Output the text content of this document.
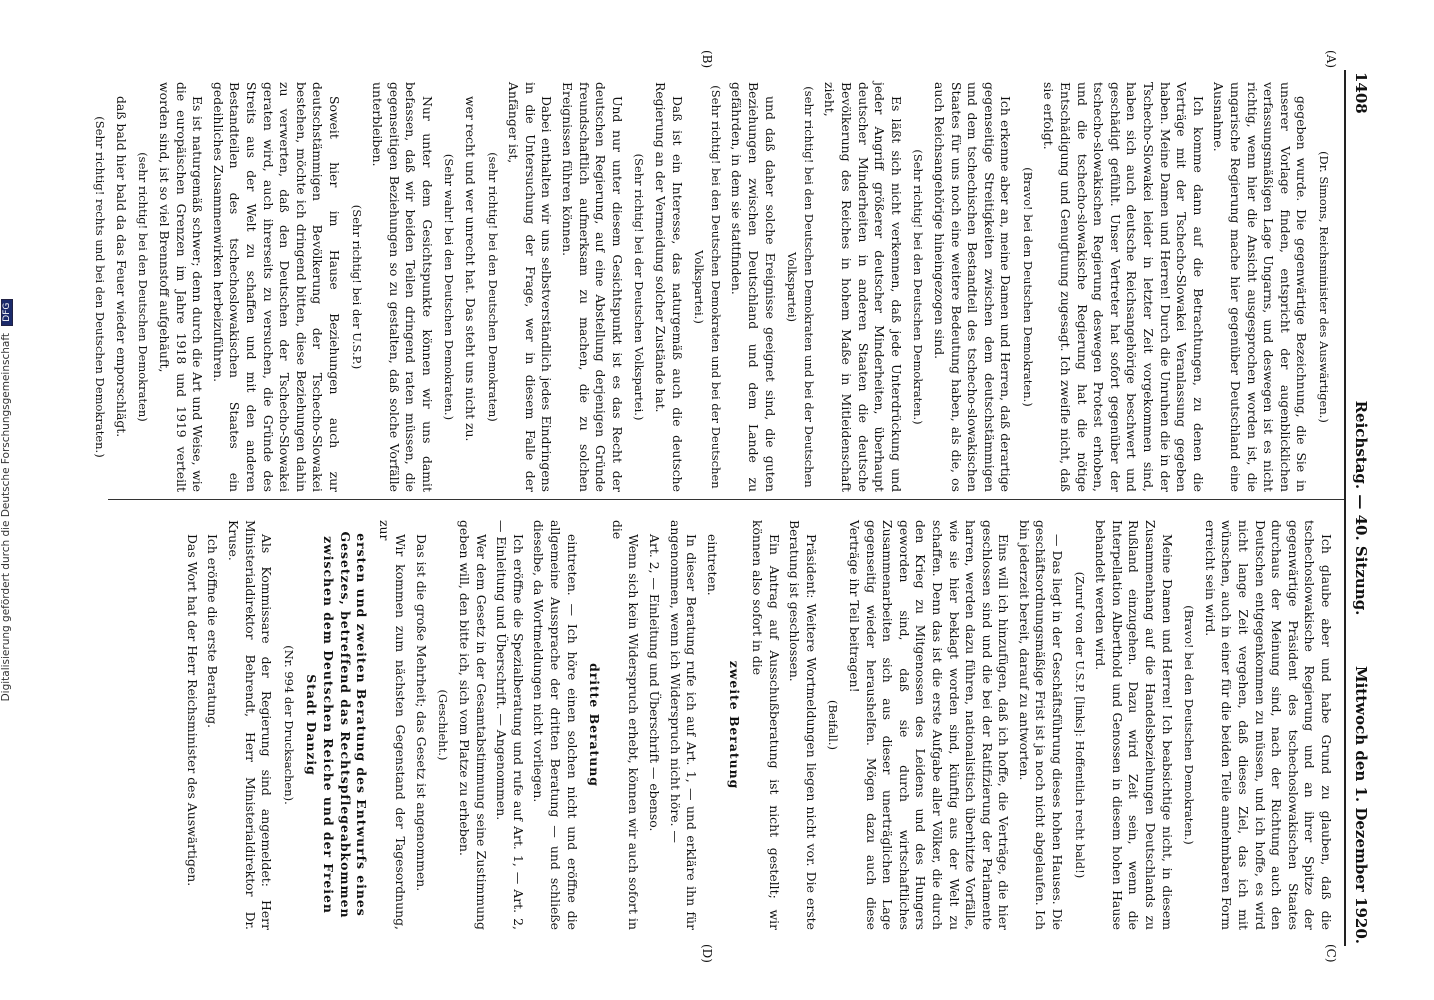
1408
Reichstag. — 40. Sitzung.
Mittwoch den 1. Dezember 1920.
(A)
(B)
(C)
(D)

(Dr. Simons, Reichsminister des Auswärtigen.)

gegeben wurde. Die gegenwärtige Bezeichnung, die Sie in unserer Vorlage finden, entspricht der augenblicklichen verfassungsmäßigen Lage Ungarns, und deswegen ist es nicht richtig, wenn hier die Ansicht ausgesprochen worden ist, die ungarische Regierung mache hier gegenüber Deutschland eine Ausnahme.

Ich komme dann auf die Betrachtungen, zu denen die Verträge mit der Tschecho-Slowakei Veranlassung gegeben haben. Meine Damen und Herren! Durch die Unruhen die in der Tschecho-Slowakei leider in letzter Zeit vorgekommen sind, haben sich auch deutsche Reichsangehörige beschwert und geschädigt gefühlt. Unser Vertreter hat sofort gegenüber der tschecho-slowakischen Regierung deswegen Protest erhoben, und die tschecho-slowakische Regierung hat die nötige Entschädigung und Genugtuung zugesagt. Ich zweifle nicht, daß sie erfolgt.

(Bravo! bei den Deutschen Demokraten.)

Ich erkenne aber an, meine Damen und Herren, daß derartige gegenseitige Streitigkeiten zwischen dem deutschstämmigen und dem tschechischen Bestandteil des tschecho-slowakischen Staates für uns noch eine weitere Bedeutung haben, als die, os auch Reichsangehörige hineingezogen sind.

(Sehr richtig! bei den Deutschen Demokraten.)

Es läßt sich nicht verkennen, daß jede Unterdrückung und jeder Angriff größerer deutscher Minderheiten, überhaupt deutscher Minderheiten in anderen Staaten die deutsche Bevölkerung des Reiches in hohem Maße in Mitleidenschaft zieht,

(sehr richtig! bei den Deutschen Demokraten und bei der Deutschen Volkspartei)

und daß daher solche Ereignisse geeignet sind, die guten Beziehungen zwischen Deutschland und dem Lande zu gefährden, in dem sie stattfinden.

(Sehr richtig! bei den Deutschen Demokraten und bei der Deutschen Volkspartei.)

Daß ist ein Interesse, das naturgemäß auch die deutsche Regierung an der Vermeidung solcher Zustände hat.

(Sehr richtig! bei der Deutschen Volkspartei.)

Und nur unter diesem Gesichtspunkt ist es das Recht der deutschen Regierung, auf eine Abstellung derjenigen Gründe freundschaftlich aufmerksam zu machen, die zu solchen Ereignissen führen können.

Dabei enthalten wir uns selbstverständlich jedes Eindringens in die Untersuchung der Frage, wer in diesem Falle der Anfänger ist,

(sehr richtig! bei den Deutschen Demokraten)

wer recht und wer unrecht hat. Das steht uns nicht zu.

(Sehr wahr! bei den Deutschen Demokraten.)

Nur unter dem Gesichtspunkte können wir uns damit befassen, daß wir beiden Teilen dringend raten müssen, die gegenseitigen Beziehungen so zu gestalten, daß solche Vorfälle unterbleiben.

(Sehr richtig! bei der U.S.P.)

Soweit hier im Hause Beziehungen auch zur deutschstämmigen Bevölkerung der Tschecho-Slowakei bestehen, möchte ich dringend bitten, diese Beziehungen dahin zu verwerten, daß den Deutschen der Tschecho-Slowakei geraten wird, auch ihrerseits zu versuchen, die Gründe des Streits aus der Welt zu schaffen und mit den anderen Bestandteilen des tschechoslowakischen Staates ein gedeihliches Zusammenwirken herbeizuführen.

Es ist naturgemäß schwer; denn durch die Art und Weise, wie die europäischen Grenzen im Jahre 1918 und 1919 verteilt worden sind, ist so viel Brennstoff aufgehäuft,

(sehr richtig! bei den Deutschen Demokraten)

daß bald hier bald da das Feuer wieder emporschlägt.

(Sehr richtig! rechts und bei den Deutschen Demokraten.)

Ich glaube aber und habe Grund zu glauben, daß die tschechoslowakische Regierung und an ihrer Spitze der gegenwärtige Präsident des tschechoslowakischen Staates durchaus der Meinung sind, nach der Richtung auch den Deutschen entgegenkommen zu müssen, und ich hoffe, es wird nicht lange Zeit vergehen, daß dieses Ziel, das ich mit wünschen, auch in einer für die beiden Teile annehmbaren Form erreicht sein wird.

(Bravo! bei den Deutschen Demokraten.)

Meine Damen und Herren! Ich beabsichtige nicht, in diesem Zusammenhang auf die Handelsbeziehungen Deutschlands zu Rußland einzugehen. Dazu wird Zeit sein, wenn die Interpellation Alberthold und Genossen in diesem hohen Hause behandelt werden wird.

(Zuruf von der U.S.P. [links]: Hoffentlich recht bald!)

— Das liegt in der Geschäftsführung dieses hohen Hauses. Die geschäftsordnungsmäßige Frist ist ja noch nicht abgelaufen. Ich bin jederzeit bereit, darauf zu antworten.

Eins will ich hinzufügen, daß ich hoffe, die Verträge, die hier geschlossen sind und die bei der Ratifizierung der Parlamente harren, werden dazu führen, nationalistisch überhitzte Vorfälle, wie sie hier beklagt worden sind, künftig aus der Welt zu schaffen. Denn das ist die erste Aufgabe aller Völker, die durch den Krieg zu Mitgenossen des Leidens und des Hungers geworden sind, daß sie durch wirtschaftliches Zusammenarbeiten sich aus dieser unerträglichen Lage gegenseitig wieder heraushelfen. Mögen dazu auch diese Verträge ihr Teil beitragen!

(Beifall.)

Präsident: Weitere Wortmeldungen liegen nicht vor. Die erste Beratung ist geschlossen.

Ein Antrag auf Ausschußberatung ist nicht gestellt; wir können also sofort in die

zweite Beratung

eintreten.

In dieser Beratung rufe ich auf Art. 1, — und erkläre ihn für angenommen, wenn ich Widerspruch nicht höre. —

Art. 2, — Einleitung und Überschrift — ebenso.

Wenn sich kein Widerspruch erhebt, können wir auch sofort in die

dritte Beratung

eintreten. — Ich höre einen solchen nicht und eröffne die allgemeine Aussprache der dritten Beratung — und schließe dieselbe, da Wortmeldungen nicht vorliegen.

Ich eröffne die Spezialberatung und rufe auf Art. 1, — Art. 2, — Einleitung und Überschrift. — Angenommen.

Wer dem Gesetz in der Gesamtabstimmung seine Zustimmung geben will, den bitte ich, sich vom Platze zu erheben.

(Geschieht.)

Das ist die große Mehrheit; das Gesetz ist angenommen.

Wir kommen zum nächsten Gegenstand der Tagesordnung, zur

ersten und zweiten Beratung des Entwurfs eines Gesetzes, betreffend das Rechtspflegeabkommen zwischen dem Deutschen Reiche und der Freien Stadt Danzig

(Nr. 994 der Drucksachen).

Als Kommissare der Regierung sind angemeldet: Herr Ministerialdirektor Behrendt, Herr Ministerialdirektor Dr. Kruse.

Ich eröffne die erste Beratung.

Das Wort hat der Herr Reichsminister des Auswärtigen.

Digitalisierung gefördert durch die Deutsche Forschungsgemeinschaft DFG
